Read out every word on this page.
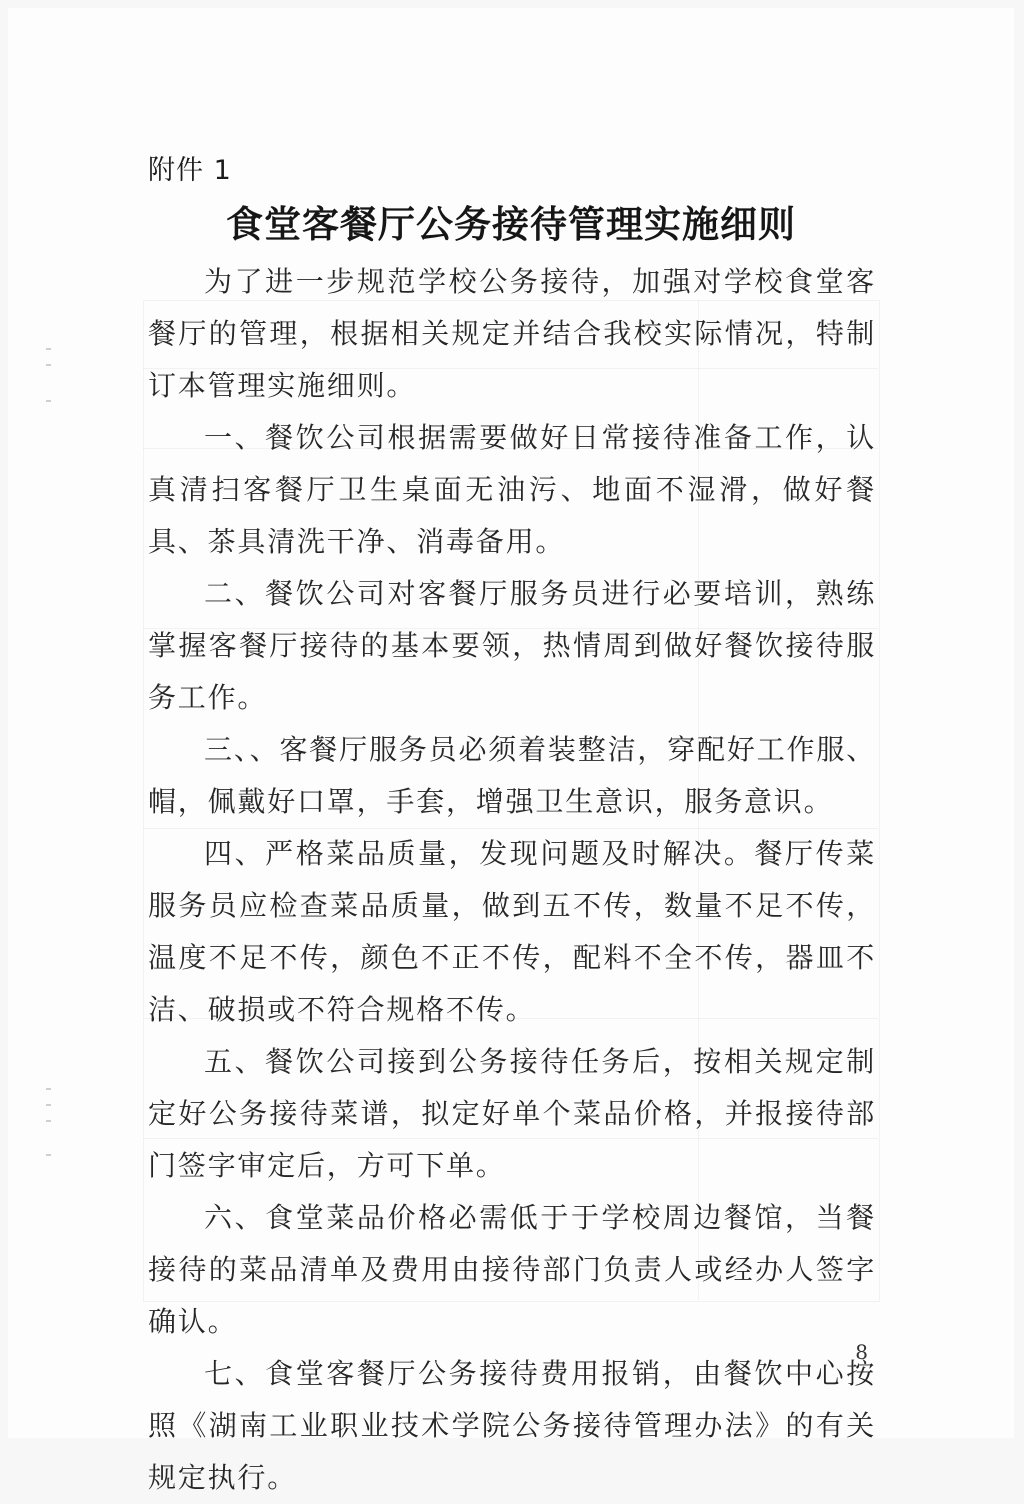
附件 1
食堂客餐厅公务接待管理实施细则

为了进一步规范学校公务接待，加强对学校食堂客餐厅的管理，根据相关规定并结合我校实际情况，特制订本管理实施细则。

一、餐饮公司根据需要做好日常接待准备工作，认真清扫客餐厅卫生桌面无油污、地面不湿滑，做好餐具、茶具清洗干净、消毒备用。

二、餐饮公司对客餐厅服务员进行必要培训，熟练掌握客餐厅接待的基本要领，热情周到做好餐饮接待服务工作。

三、、客餐厅服务员必须着装整洁，穿配好工作服、帽，佩戴好口罩，手套，增强卫生意识，服务意识。

四、严格菜品质量，发现问题及时解决。餐厅传菜服务员应检查菜品质量，做到五不传，数量不足不传，温度不足不传，颜色不正不传，配料不全不传，器皿不洁、破损或不符合规格不传。

五、餐饮公司接到公务接待任务后，按相关规定制定好公务接待菜谱，拟定好单个菜品价格，并报接待部门签字审定后，方可下单。

六、食堂菜品价格必需低于于学校周边餐馆，当餐接待的菜品清单及费用由接待部门负责人或经办人签字确认。

七、食堂客餐厅公务接待费用报销，由餐饮中心按照《湖南工业职业技术学院公务接待管理办法》的有关规定执行。

8
